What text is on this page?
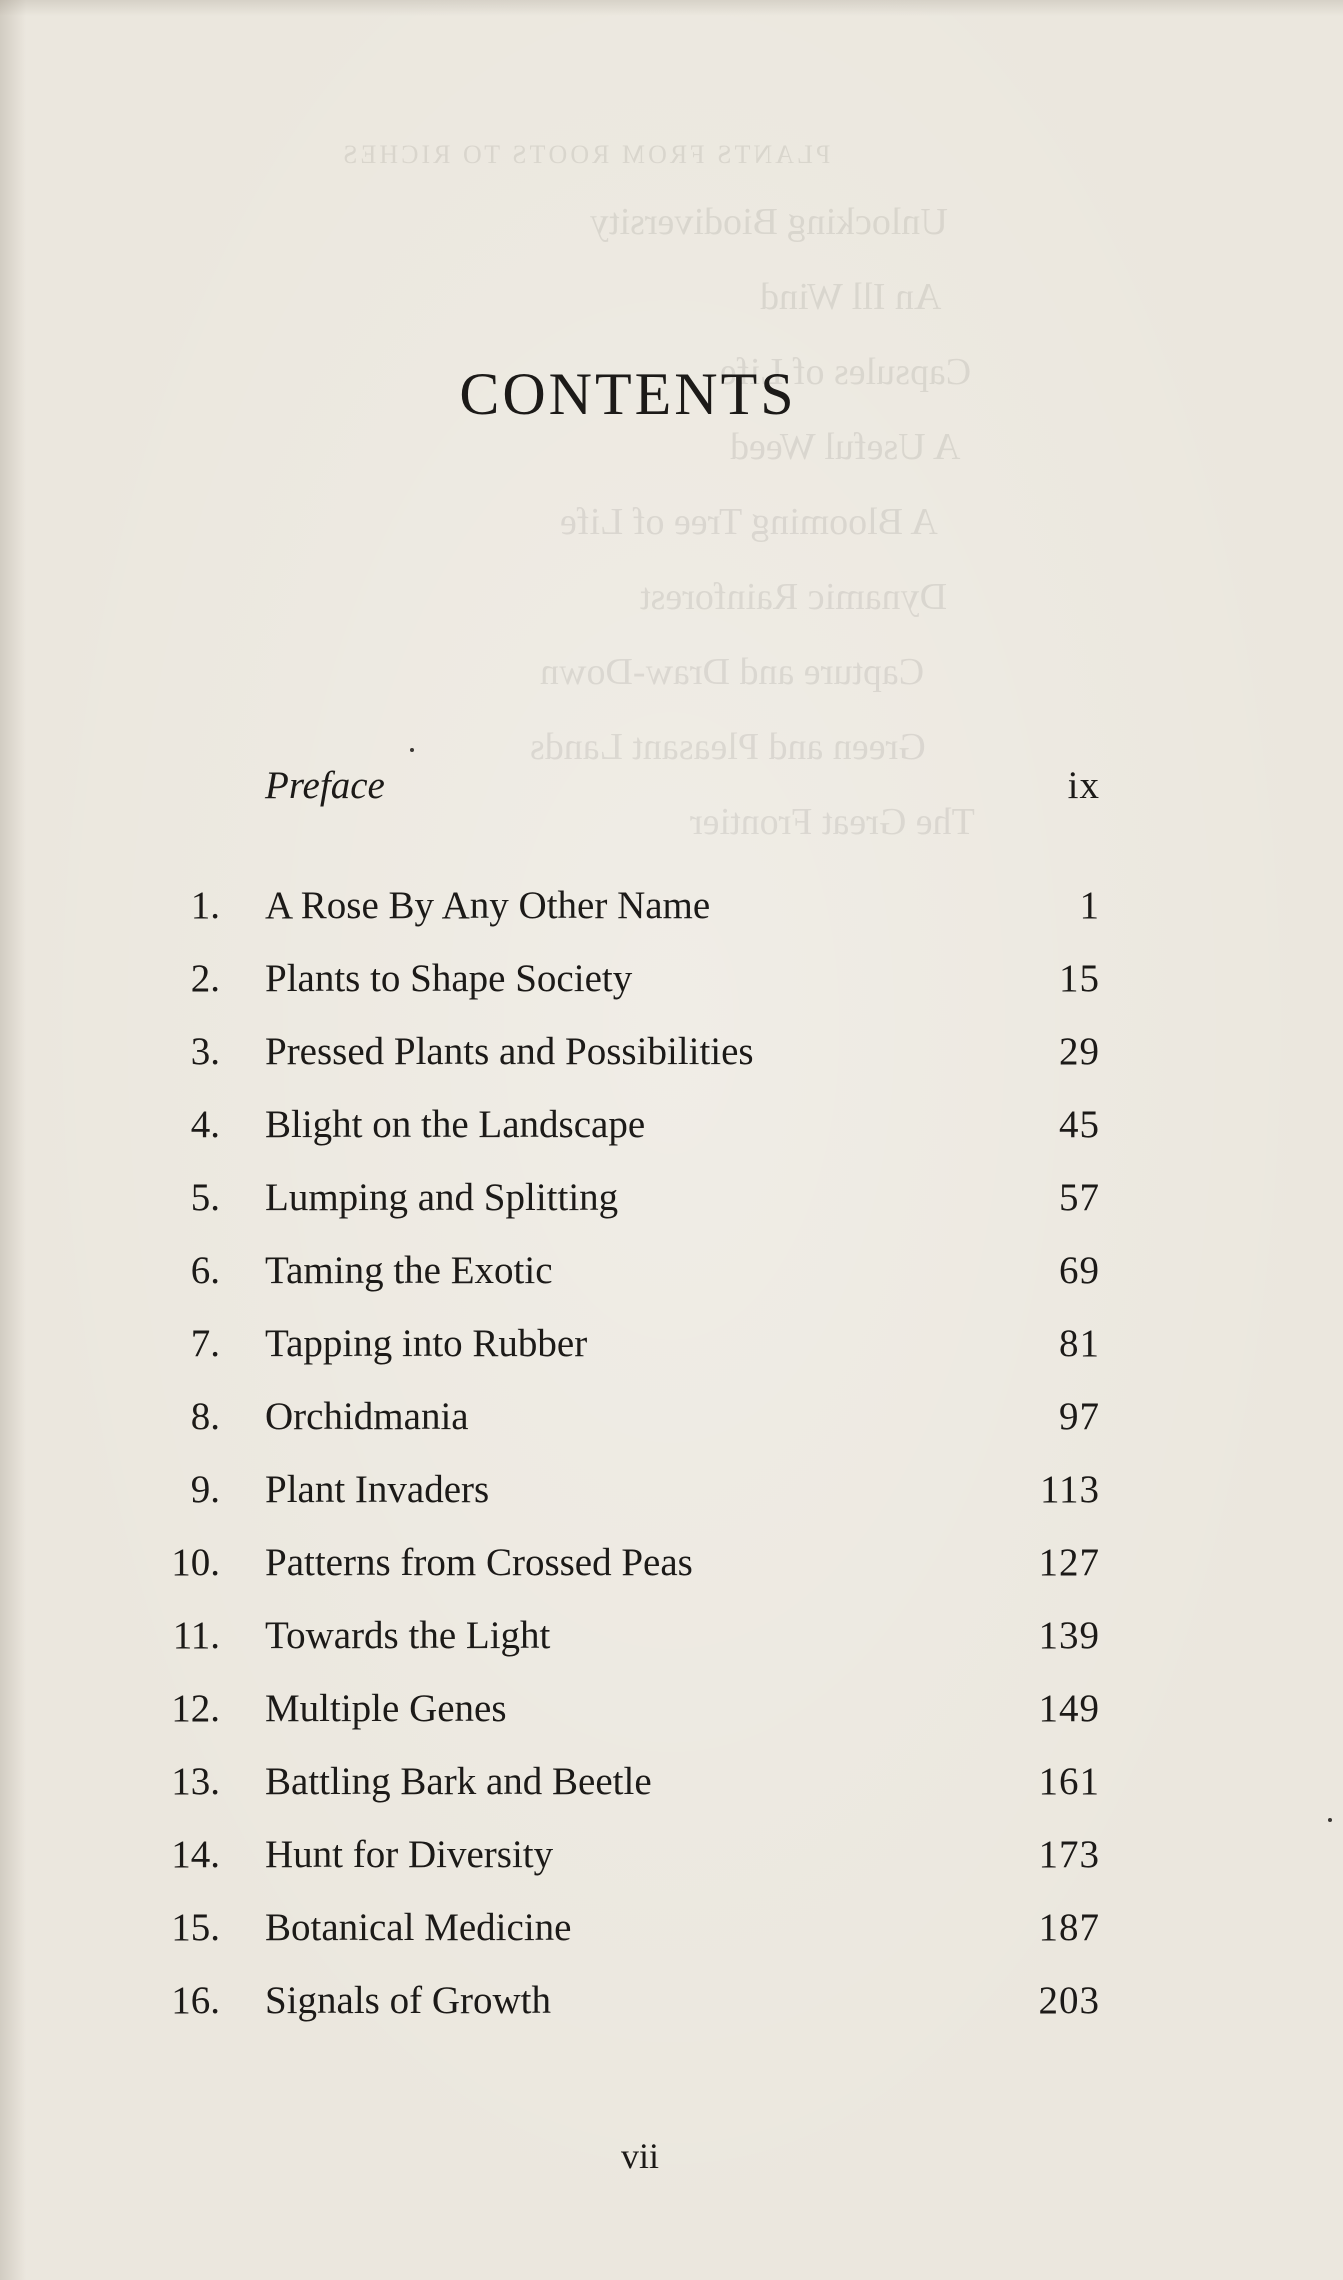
PLANTS FROM ROOTS TO RICHES
Unlocking Biodiversity
An Ill Wind
Capsules of Life
A Useful Weed
A Blooming Tree of Life
Dynamic Rainforest
Capture and Draw-Down
Green and Pleasant Lands
The Great Frontier
CONTENTS
Preface	ix
1. A Rose By Any Other Name	1
2. Plants to Shape Society	15
3. Pressed Plants and Possibilities	29
4. Blight on the Landscape	45
5. Lumping and Splitting	57
6. Taming the Exotic	69
7. Tapping into Rubber	81
8. Orchidmania	97
9. Plant Invaders	113
10. Patterns from Crossed Peas	127
11. Towards the Light	139
12. Multiple Genes	149
13. Battling Bark and Beetle	161
14. Hunt for Diversity	173
15. Botanical Medicine	187
16. Signals of Growth	203
vii
